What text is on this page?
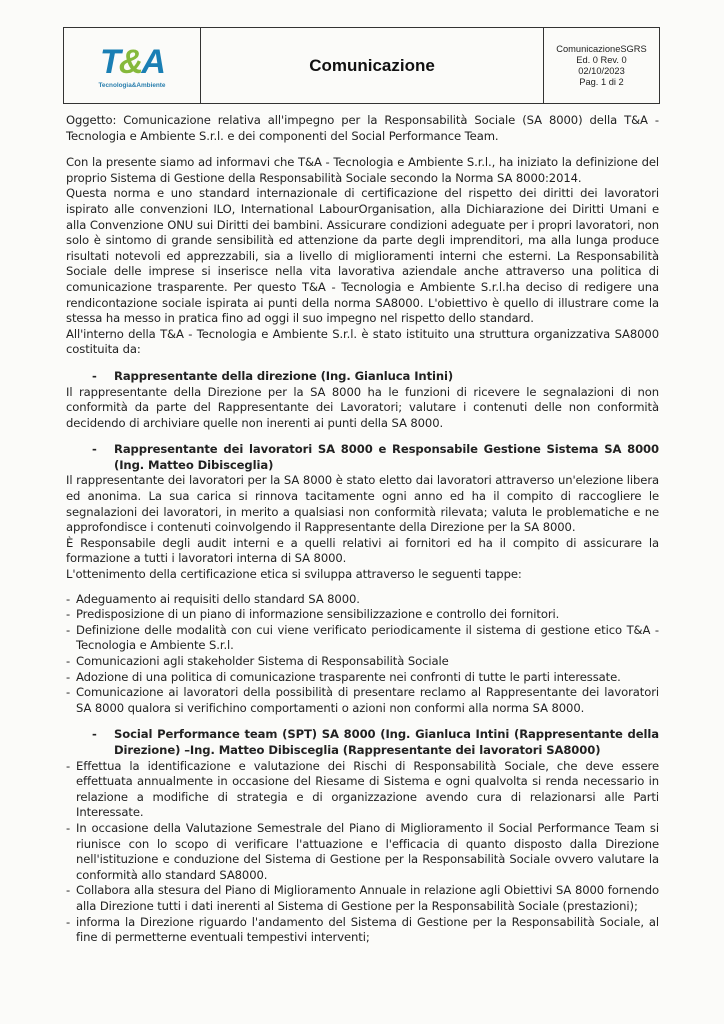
T&A
Tecnologia&Ambiente
Comunicazione
ComunicazioneSGRS
Ed. 0 Rev. 0
02/10/2023
Pag. 1 di 2

Oggetto: Comunicazione relativa all'impegno per la Responsabilità Sociale (SA 8000) della T&A - Tecnologia e Ambiente S.r.l. e dei componenti del Social Performance Team.

Con la presente siamo ad informavi che T&A - Tecnologia e Ambiente S.r.l., ha iniziato la definizione del proprio Sistema di Gestione della Responsabilità Sociale secondo la Norma SA 8000:2014.

Questa norma e uno standard internazionale di certificazione del rispetto dei diritti dei lavoratori ispirato alle convenzioni ILO, International LabourOrganisation, alla Dichiarazione dei Diritti Umani e alla Convenzione ONU sui Diritti dei bambini. Assicurare condizioni adeguate per i propri lavoratori, non solo è sintomo di grande sensibilità ed attenzione da parte degli imprenditori, ma alla lunga produce risultati notevoli ed apprezzabili, sia a livello di miglioramenti interni che esterni. La Responsabilità Sociale delle imprese si inserisce nella vita lavorativa aziendale anche attraverso una politica di comunicazione trasparente. Per questo T&A - Tecnologia e Ambiente S.r.l.ha deciso di redigere una rendicontazione sociale ispirata ai punti della norma SA8000. L'obiettivo è quello di illustrare come la stessa ha messo in pratica fino ad oggi il suo impegno nel rispetto dello standard.

All'interno della T&A - Tecnologia e Ambiente S.r.l. è stato istituito una struttura organizzativa SA8000 costituita da:

-	Rappresentante della direzione (Ing. Gianluca Intini)

Il rappresentante della Direzione per la SA 8000 ha le funzioni di ricevere le segnalazioni di non conformità da parte del Rappresentante dei Lavoratori; valutare i contenuti delle non conformità decidendo di archiviare quelle non inerenti ai punti della SA 8000.

-	Rappresentante dei lavoratori SA 8000 e Responsabile Gestione Sistema SA 8000 (Ing. Matteo Dibisceglia)

Il rappresentante dei lavoratori per la SA 8000 è stato eletto dai lavoratori attraverso un'elezione libera ed anonima. La sua carica si rinnova tacitamente ogni anno ed ha il compito di raccogliere le segnalazioni dei lavoratori, in merito a qualsiasi non conformità rilevata; valuta le problematiche e ne approfondisce i contenuti coinvolgendo il Rappresentante della Direzione per la SA 8000.

È Responsabile degli audit interni e a quelli relativi ai fornitori ed ha il compito di assicurare la formazione a tutti i lavoratori interna di SA 8000.

L'ottenimento della certificazione etica si sviluppa attraverso le seguenti tappe:

- Adeguamento ai requisiti dello standard SA 8000.
- Predisposizione di un piano di informazione sensibilizzazione e controllo dei fornitori.
- Definizione delle modalità con cui viene verificato periodicamente il sistema di gestione etico T&A - Tecnologia e Ambiente S.r.l.
- Comunicazioni agli stakeholder Sistema di Responsabilità Sociale
- Adozione di una politica di comunicazione trasparente nei confronti di tutte le parti interessate.
- Comunicazione ai lavoratori della possibilità di presentare reclamo al Rappresentante dei lavoratori SA 8000 qualora si verifichino comportamenti o azioni non conformi alla norma SA 8000.
-	Social Performance team (SPT) SA 8000 (Ing. Gianluca Intini (Rappresentante della Direzione) –Ing. Matteo Dibisceglia (Rappresentante dei lavoratori SA8000)
- Effettua la identificazione e valutazione dei Rischi di Responsabilità Sociale, che deve essere effettuata annualmente in occasione del Riesame di Sistema e ogni qualvolta si renda necessario in relazione a modifiche di strategia e di organizzazione avendo cura di relazionarsi alle Parti Interessate.
- In occasione della Valutazione Semestrale del Piano di Miglioramento il Social Performance Team si riunisce con lo scopo di verificare l'attuazione e l'efficacia di quanto disposto dalla Direzione nell'istituzione e conduzione del Sistema di Gestione per la Responsabilità Sociale ovvero valutare la conformità allo standard SA8000.
- Collabora alla stesura del Piano di Miglioramento Annuale in relazione agli Obiettivi SA 8000 fornendo alla Direzione tutti i dati inerenti al Sistema di Gestione per la Responsabilità Sociale (prestazioni);
- informa la Direzione riguardo l'andamento del Sistema di Gestione per la Responsabilità Sociale, al fine di permetterne eventuali tempestivi interventi;
